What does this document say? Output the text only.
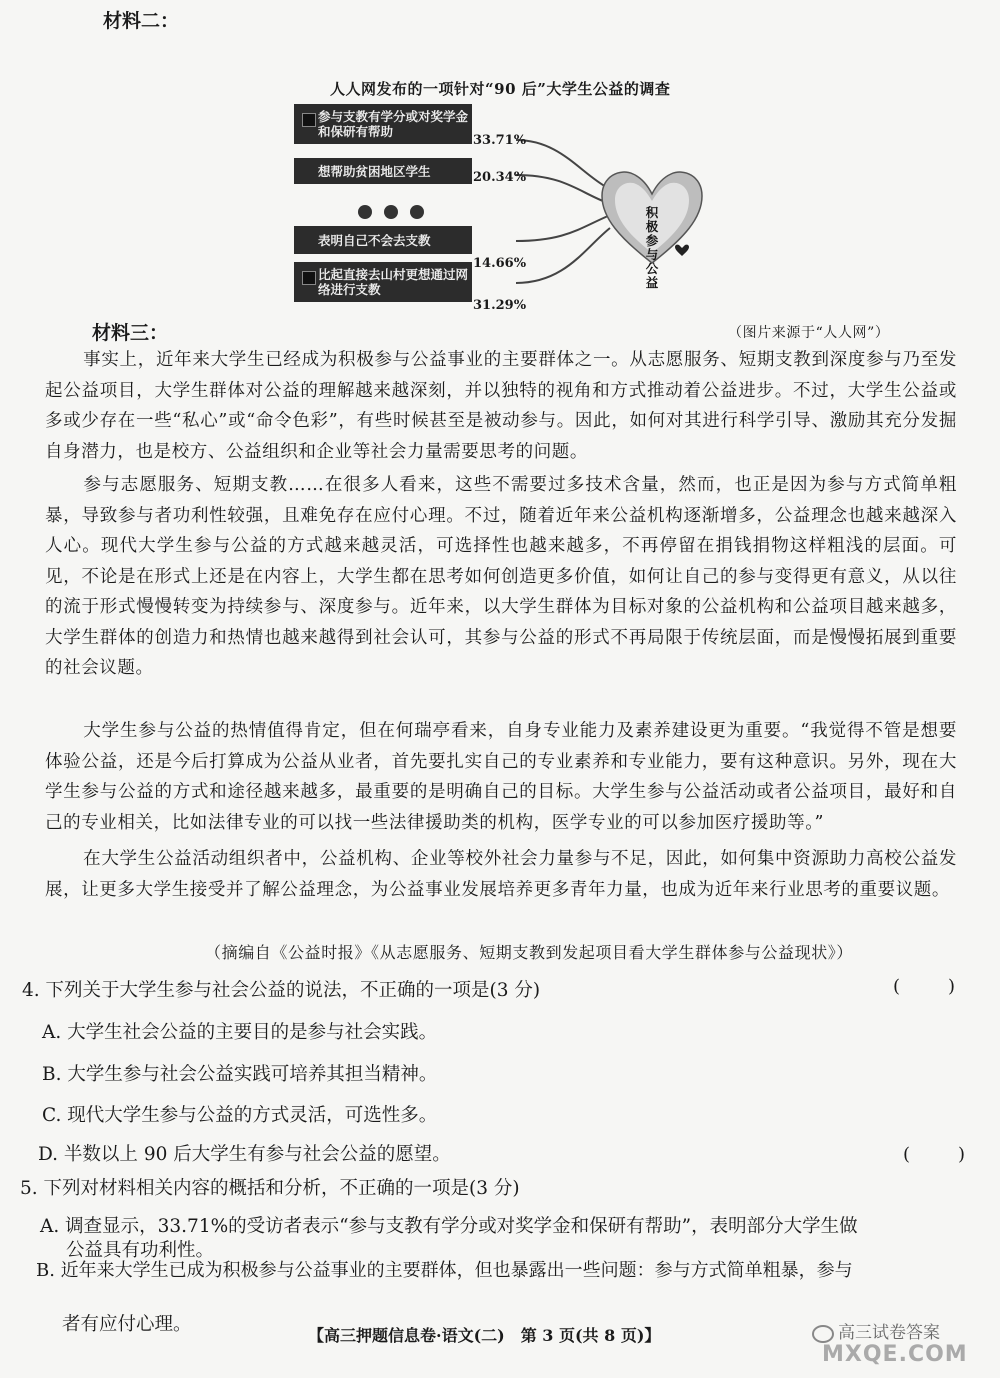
材料二：
人人网发布的一项针对“90 后”大学生公益的调查
积极参与公益
参与支教有学分或对奖学金和保研有帮助
33.71%
想帮助贫困地区学生	20.34%
表明自己不会去支教
14.66%
比起直接去山村更想通过网络进行支教
31.29%
材料三：	（图片来源于“人人网”）
事实上，近年来大学生已经成为积极参与公益事业的主要群体之一。从志愿服务、短期支教到深度参与乃至发起公益项目，大学生群体对公益的理解越来越深刻，并以独特的视角和方式推动着公益进步。不过，大学生公益或多或少存在一些“私心”或“命令色彩”，有些时候甚至是被动参与。因此，如何对其进行科学引导、激励其充分发掘自身潜力，也是校方、公益组织和企业等社会力量需要思考的问题。
参与志愿服务、短期支教……在很多人看来，这些不需要过多技术含量，然而，也正是因为参与方式简单粗暴，导致参与者功利性较强，且难免存在应付心理。不过，随着近年来公益机构逐渐增多，公益理念也越来越深入人心。现代大学生参与公益的方式越来越灵活，可选择性也越来越多，不再停留在捐钱捐物这样粗浅的层面。可见，不论是在形式上还是在内容上，大学生都在思考如何创造更多价值，如何让自己的参与变得更有意义，从以往的流于形式慢慢转变为持续参与、深度参与。近年来，以大学生群体为目标对象的公益机构和公益项目越来越多，大学生群体的创造力和热情也越来越得到社会认可，其参与公益的形式不再局限于传统层面，而是慢慢拓展到重要的社会议题。
大学生参与公益的热情值得肯定，但在何瑞亭看来，自身专业能力及素养建设更为重要。“我觉得不管是想要体验公益，还是今后打算成为公益从业者，首先要扎实自己的专业素养和专业能力，要有这种意识。另外，现在大学生参与公益的方式和途径越来越多，最重要的是明确自己的目标。大学生参与公益活动或者公益项目，最好和自己的专业相关，比如法律专业的可以找一些法律援助类的机构，医学专业的可以参加医疗援助等。”
在大学生公益活动组织者中，公益机构、企业等校外社会力量参与不足，因此，如何集中资源助力高校公益发展，让更多大学生接受并了解公益理念，为公益事业发展培养更多青年力量，也成为近年来行业思考的重要议题。
（摘编自《公益时报》《从志愿服务、短期支教到发起项目看大学生群体参与公益现状》）
4. 下列关于大学生参与社会公益的说法，不正确的一项是(3 分)	(　　)
A. 大学生社会公益的主要目的是参与社会实践。
B. 大学生参与社会公益实践可培养其担当精神。
C. 现代大学生参与公益的方式灵活，可选性多。
D. 半数以上 90 后大学生有参与社会公益的愿望。	(　　)
5. 下列对材料相关内容的概括和分析，不正确的一项是(3 分)
A. 调查显示，33.71%的受访者表示“参与支教有学分或对奖学金和保研有帮助”，表明部分大学生做
公益具有功利性。
B. 近年来大学生已成为积极参与公益事业的主要群体，但也暴露出一些问题：参与方式简单粗暴，参与
者有应付心理。
【高三押题信息卷·语文(二)　第 3 页(共 8 页)】	高三试卷答案
MXQE.COM
